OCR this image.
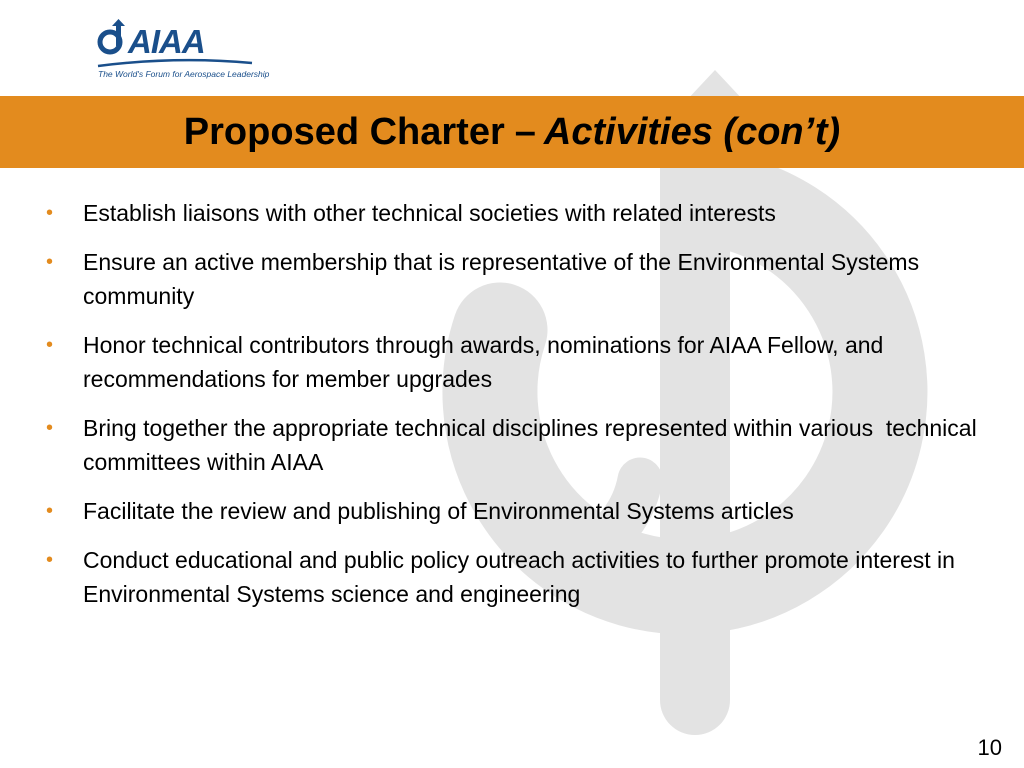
AIAA
The World's Forum for Aerospace Leadership
Proposed Charter – Activities (con’t)
• Establish liaisons with other technical societies with related interests
• Ensure an active membership that is representative of the Environmental Systems community
• Honor technical contributors through awards, nominations for AIAA Fellow, and recommendations for member upgrades
• Bring together the appropriate technical disciplines represented within various  technical committees within AIAA
• Facilitate the review and publishing of Environmental Systems articles
• Conduct educational and public policy outreach activities to further promote interest in Environmental Systems science and engineering
10
